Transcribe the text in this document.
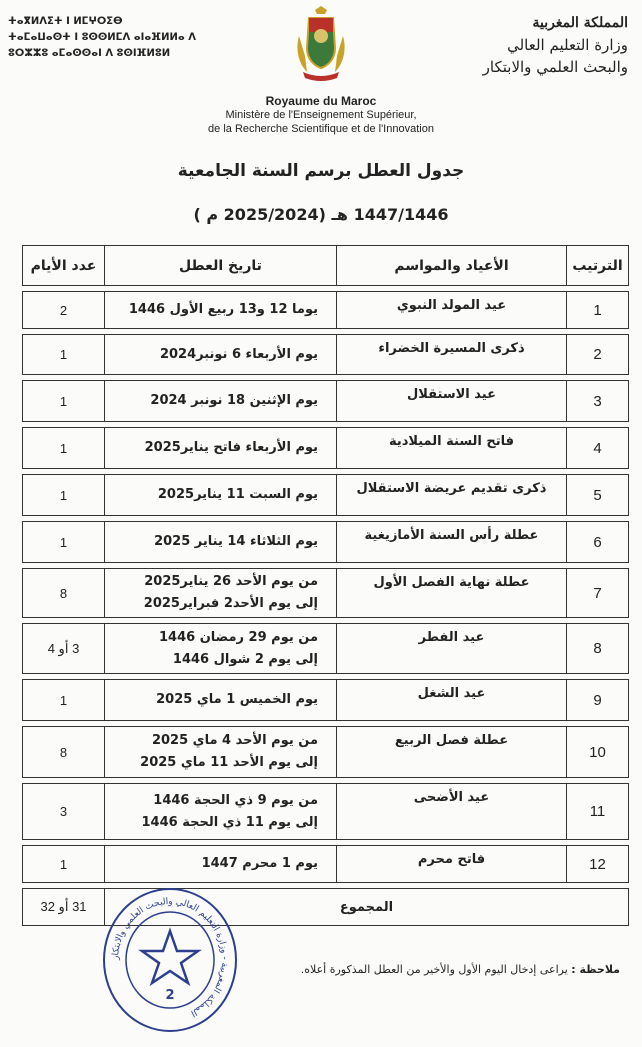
ⵜⴰⴳⵍⴷⵉⵜ ⵏ ⵍⵎⵖⵔⵉⴱ
ⵜⴰⵎⴰⵡⴰⵙⵜ ⵏ ⵓⵙⵙⵍⵎⴷ ⴰⵏⴰⴼⵍⵍⴰ ⴷ
ⵓⵔⵣⵣⵓ ⴰⵎⴰⵙⵙⴰⵏ ⴷ ⵓⵙⵏⴼⵍⵓⵍ
المملكة المغربية
وزارة التعليم العالي
والبحث العلمي والابتكار
Royaume du Maroc
Ministère de l'Enseignement Supérieur,
de la Recherche Scientifique et de l'Innovation
جدول العطل برسم السنة الجامعية
1447/1446 هـ (2025/2024 م )
الترتيب	الأعياد والمواسم	تاريخ العطل	عدد الأيام

1	عيد المولد النبوي	يوما 12 و13 ربيع الأول 1446	2

2	ذكرى المسيرة الخضراء	يوم الأربعاء 6 نونبر2024	1

3	عيد الاستقلال	يوم الإثنين 18 نونبر 2024	1

4	فاتح السنة الميلادية	يوم الأربعاء فاتح يناير2025	1

5	ذكرى تقديم عريضة الاستقلال	يوم السبت 11 يناير2025	1

6	عطلة رأس السنة الأمازيغية	يوم الثلاثاء 14 يناير 2025	1

7	عطلة نهاية الفصل الأول	من يوم الأحد 26 يناير2025
إلى يوم الأحد2 فبراير2025	8

8	عيد الفطر	من يوم 29 رمضان 1446
إلى يوم 2 شوال 1446	3 أو 4

9	عيد الشغل	يوم الخميس 1 ماي 2025	1

10	عطلة فصل الربيع	من يوم الأحد 4 ماي 2025
إلى يوم الأحد 11 ماي 2025	8

11	عيد الأضحى	من يوم 9 ذي الحجة 1446
إلى يوم 11 ذي الحجة 1446	3

12	فاتح محرم	يوم 1 محرم 1447	1

المجموع			31 أو 32
ملاحظة : يراعى إدخال اليوم الأول والأخير من العطل المذكورة أعلاه.
المملكة المغربية - وزارة التعليم العالي والبحث العلمي والابتكار
2
